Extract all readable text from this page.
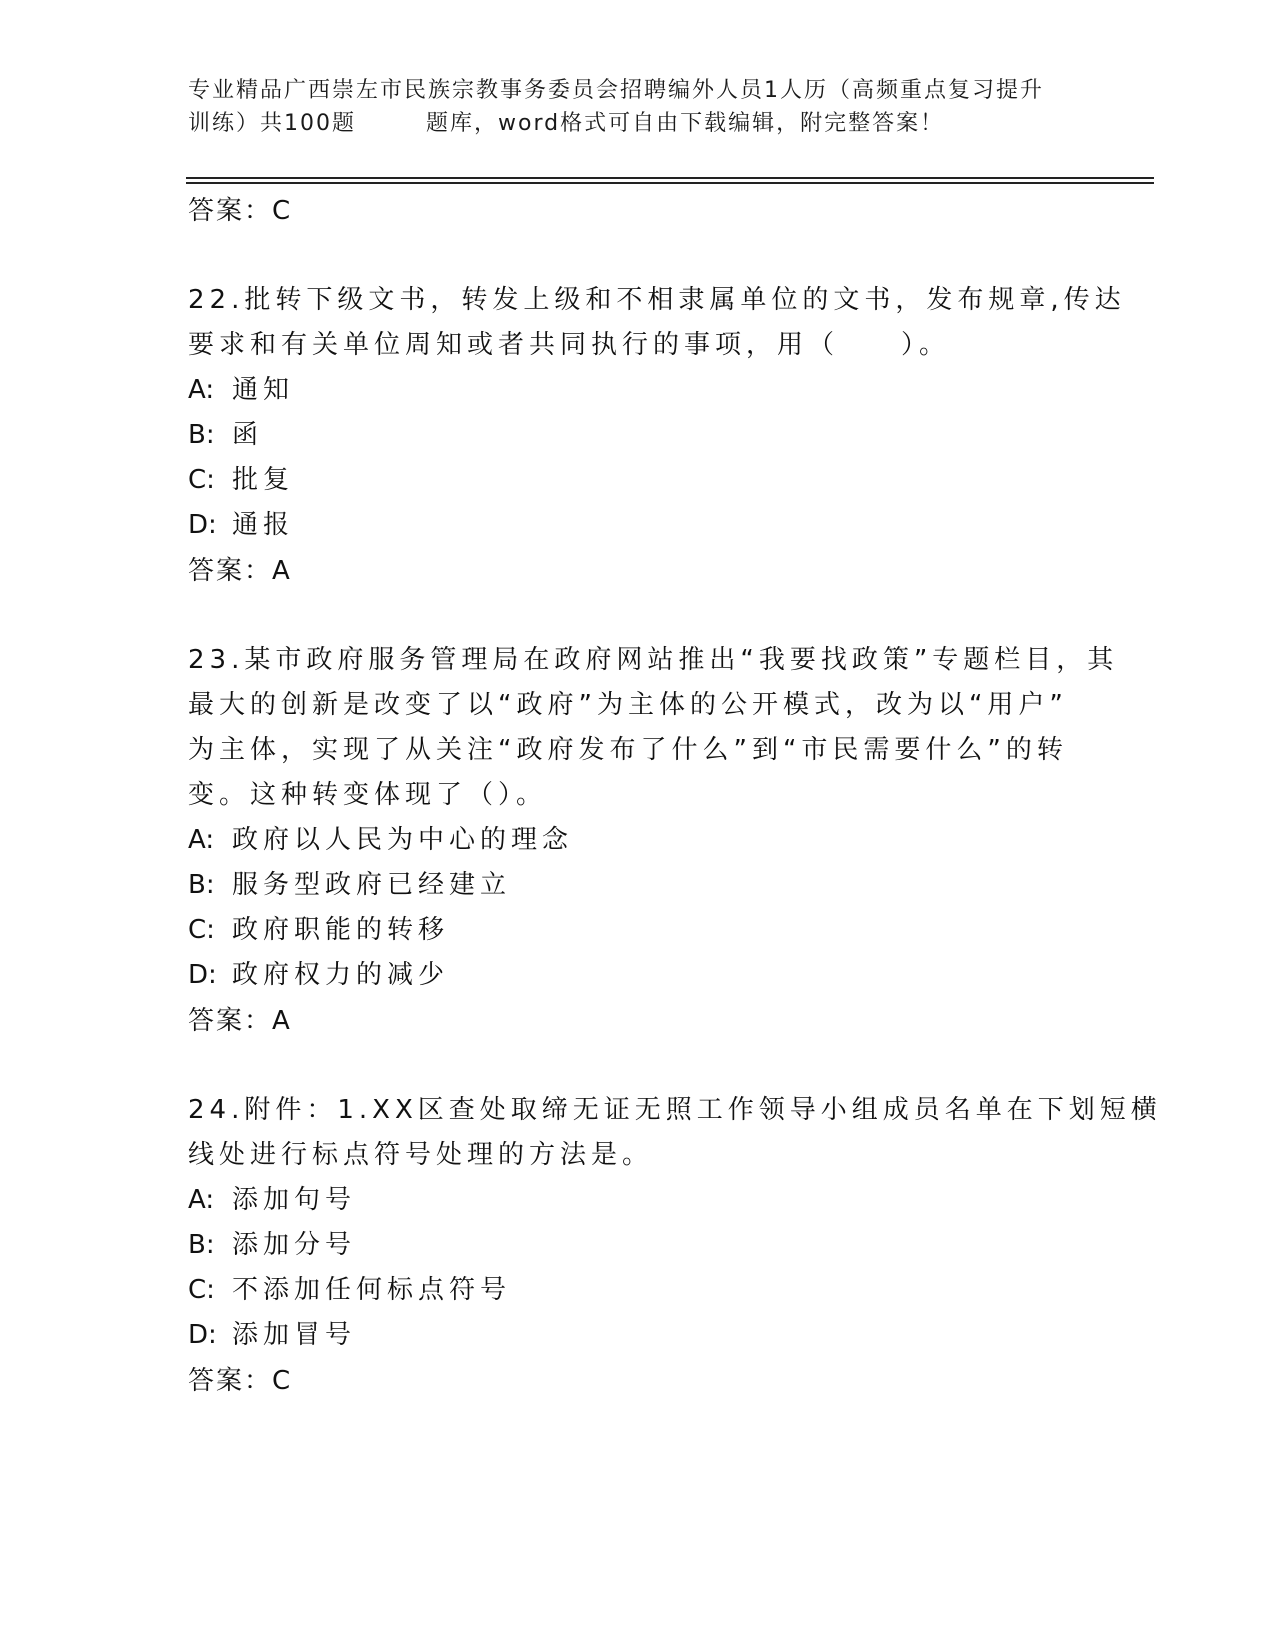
专业精品广西崇左市民族宗教事务委员会招聘编外人员1人历（高频重点复习提升
训练）共100题	题库，word格式可自由下载编辑，附完整答案！
答案：C
22.批转下级文书，转发上级和不相隶属单位的文书，发布规章,传达
要求和有关单位周知或者共同执行的事项，用（　　）。
A: 通知
B: 函
C: 批复
D: 通报
答案：A
23.某市政府服务管理局在政府网站推出“我要找政策”专题栏目，其
最大的创新是改变了以“政府”为主体的公开模式，改为以“用户”
为主体，实现了从关注“政府发布了什么”到“市民需要什么”的转
变。这种转变体现了（）。
A: 政府以人民为中心的理念
B: 服务型政府已经建立
C: 政府职能的转移
D: 政府权力的减少
答案：A
24.附件：1.XX区查处取缔无证无照工作领导小组成员名单在下划短横
线处进行标点符号处理的方法是。
A: 添加句号
B: 添加分号
C: 不添加任何标点符号
D: 添加冒号
答案：C
